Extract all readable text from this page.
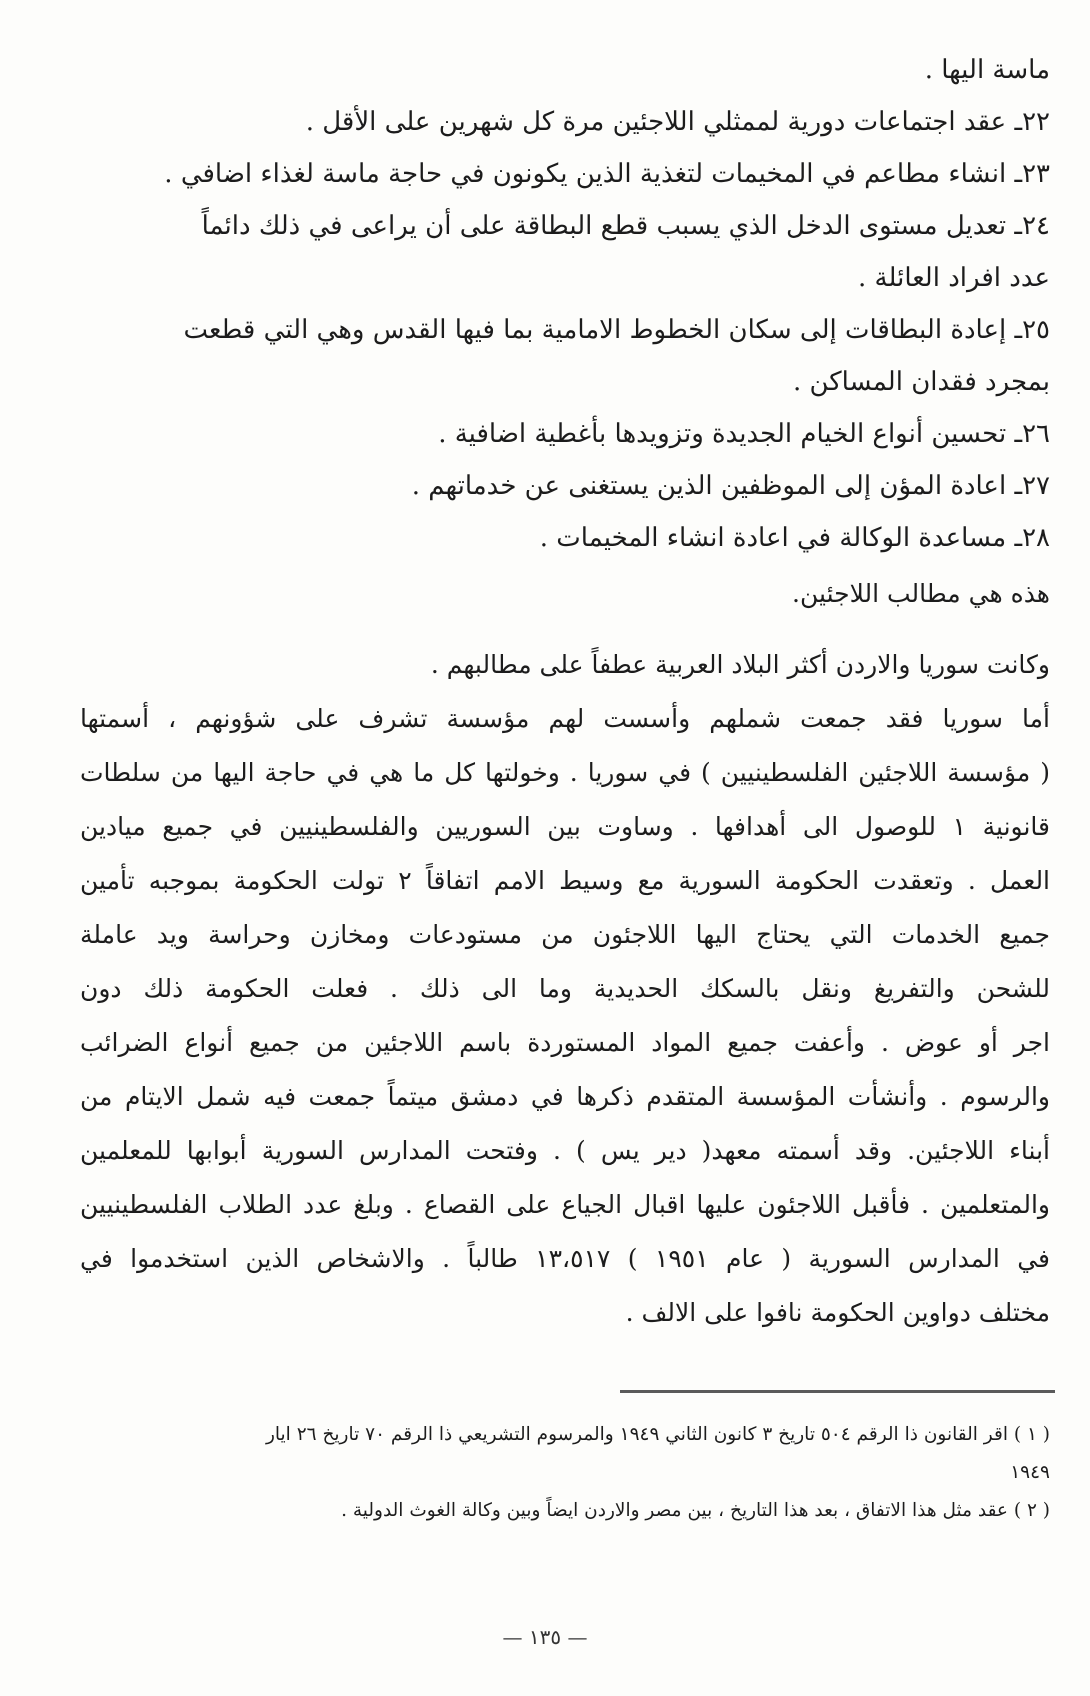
ماسة اليها .
٢٢ـ عقد اجتماعات دورية لممثلي اللاجئين مرة كل شهرين على الأقل .
٢٣ـ انشاء مطاعم في المخيمات لتغذية الذين يكونون في حاجة ماسة لغذاء اضافي .
٢٤ـ تعديل مستوى الدخل الذي يسبب قطع البطاقة على أن يراعى في ذلك دائماً
عدد افراد العائلة .
٢٥ـ إعادة البطاقات إلى سكان الخطوط الامامية بما فيها القدس وهي التي قطعت
بمجرد فقدان المساكن .
٢٦ـ تحسين أنواع الخيام الجديدة وتزويدها بأغطية اضافية .
٢٧ـ اعادة المؤن إلى الموظفين الذين يستغنى عن خدماتهم .
٢٨ـ مساعدة الوكالة في اعادة انشاء المخيمات .
هذه هي مطالب اللاجئين.
وكانت سوريا والاردن أكثر البلاد العربية عطفاً على مطالبهم .
أما سوريا فقد جمعت شملهم وأسست لهم مؤسسة تشرف على شؤونهم ، أسمتها
( مؤسسة اللاجئين الفلسطينيين ) في سوريا . وخولتها كل ما هي في حاجة اليها من سلطات
قانونية ١ للوصول الى أهدافها . وساوت بين السوريين والفلسطينيين في جميع ميادين
العمل . وتعقدت الحكومة السورية مع وسيط الامم اتفاقاً ٢ تولت الحكومة بموجبه تأمين
جميع الخدمات التي يحتاج اليها اللاجئون من مستودعات ومخازن وحراسة ويد عاملة
للشحن والتفريغ ونقل بالسكك الحديدية وما الى ذلك . فعلت الحكومة ذلك دون
اجر أو عوض . وأعفت جميع المواد المستوردة باسم اللاجئين من جميع أنواع الضرائب
والرسوم . وأنشأت المؤسسة المتقدم ذكرها في دمشق ميتماً جمعت فيه شمل الايتام من
أبناء اللاجئين. وقد أسمته معهد( دير يس ) . وفتحت المدارس السورية أبوابها للمعلمين
والمتعلمين . فأقبل اللاجئون عليها اقبال الجياع على القصاع . وبلغ عدد الطلاب الفلسطينيين
في المدارس السورية ( عام ١٩٥١ ) ١٣،٥١٧ طالباً . والاشخاص الذين استخدموا في
مختلف دواوين الحكومة نافوا على الالف .
( ١ ) اقر القانون ذا الرقم ٥٠٤ تاريخ ٣ كانون الثاني ١٩٤٩ والمرسوم التشريعي ذا الرقم ٧٠ تاريخ ٢٦ ايار
١٩٤٩
( ٢ ) عقد مثل هذا الاتفاق ، بعد هذا التاريخ ، بين مصر والاردن ايضاً وبين وكالة الغوث الدولية .
— ١٣٥ —
